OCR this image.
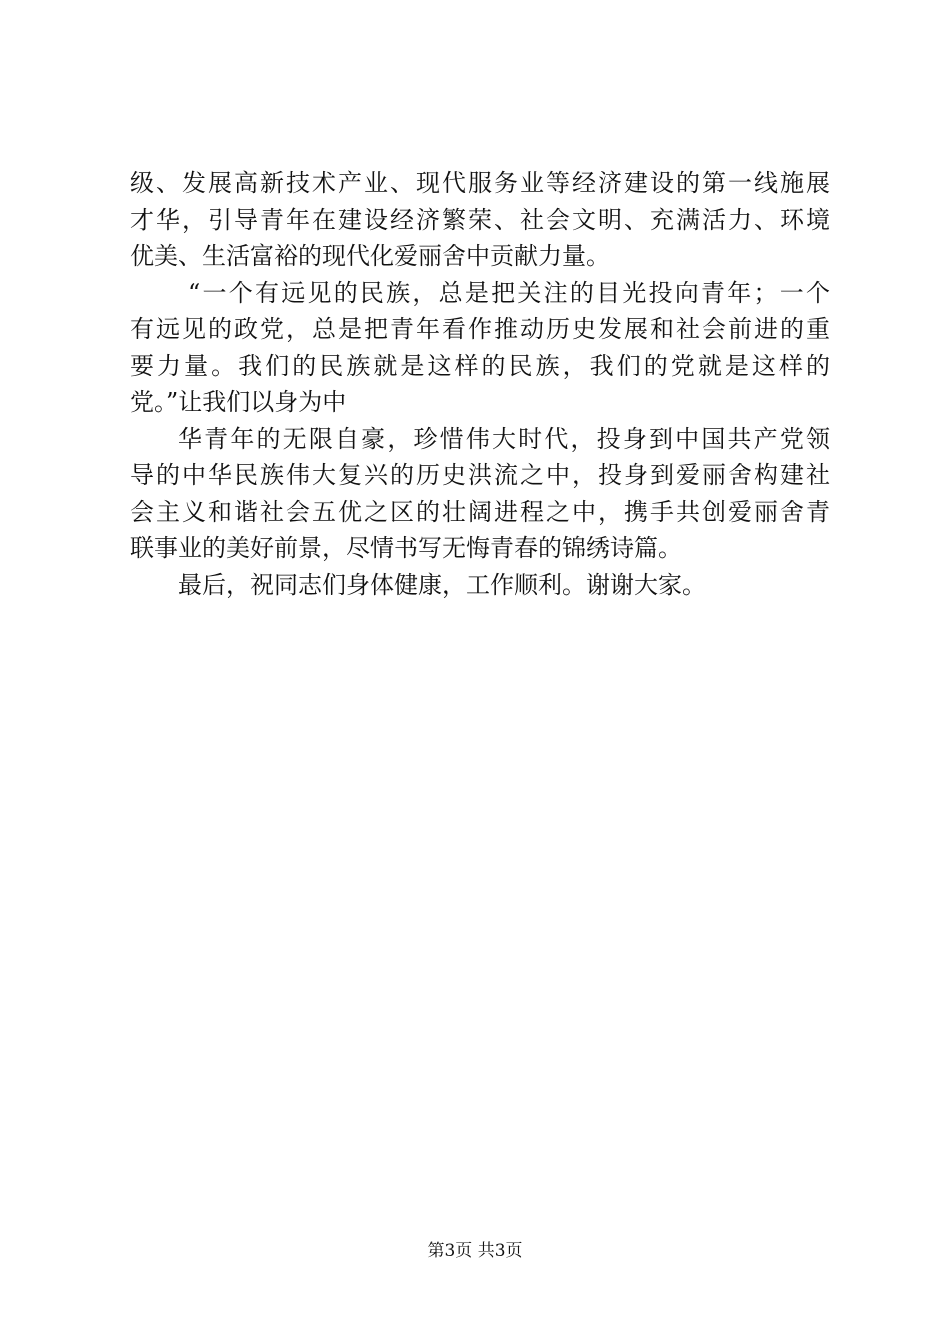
级、发展高新技术产业、现代服务业等经济建设的第一线施展
才华，引导青年在建设经济繁荣、社会文明、充满活力、环境
优美、生活富裕的现代化爱丽舍中贡献力量。
“一个有远见的民族，总是把关注的目光投向青年；一个
有远见的政党，总是把青年看作推动历史发展和社会前进的重
要力量。我们的民族就是这样的民族，我们的党就是这样的
党。”让我们以身为中
华青年的无限自豪，珍惜伟大时代，投身到中国共产党领
导的中华民族伟大复兴的历史洪流之中，投身到爱丽舍构建社
会主义和谐社会五优之区的壮阔进程之中，携手共创爱丽舍青
联事业的美好前景，尽情书写无悔青春的锦绣诗篇。
最后，祝同志们身体健康，工作顺利。谢谢大家。
第3页 共3页
